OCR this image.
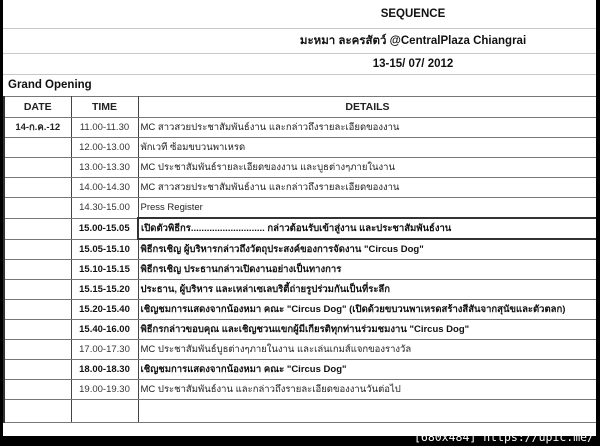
SEQUENCE
มะหมา ละครสัตว์ @CentralPlaza Chiangrai
13-15/ 07/ 2012
Grand Opening
DATE	TIME	DETAILS
14-ก.ค.-12	11.00-11.30	MC สาวสวยประชาสัมพันธ์งาน และกล่าวถึงรายละเอียดของงาน
	12.00-13.00	พักเวที ซ้อมขบวนพาเหรด
	13.00-13.30	MC ประชาสัมพันธ์รายละเอียดของงาน และบูธต่างๆภายในงาน
	14.00-14.30	MC สาวสวยประชาสัมพันธ์งาน และกล่าวถึงรายละเอียดของงาน
	14.30-15.00	Press Register
	15.00-15.05	เปิดตัวพิธีกร............................ กล่าวต้อนรับเข้าสู่งาน และประชาสัมพันธ์งาน
	15.05-15.10	พิธีกรเชิญ ผู้บริหารกล่าวถึงวัตถุประสงค์ของการจัดงาน "Circus Dog"
	15.10-15.15	พิธีกรเชิญ ประธานกล่าวเปิดงานอย่างเป็นทางการ
	15.15-15.20	ประธาน, ผู้บริหาร และเหล่าเซเลบริตี้ถ่ายรูปร่วมกันเป็นที่ระลึก
	15.20-15.40	เชิญชมการแสดงจากน้องหมา คณะ "Circus Dog" (เปิดด้วยขบวนพาเหรดสร้างสีสันจากสุนัขและตัวตลก)
	15.40-16.00	พิธีกรกล่าวขอบคุณ และเชิญชวนแขกผู้มีเกียรติทุกท่านร่วมชมงาน "Circus Dog"
	17.00-17.30	MC ประชาสัมพันธ์บูธต่างๆภายในงาน และเล่นเกมส์แจกของรางวัล
	18.00-18.30	เชิญชมการแสดงจากน้องหมา คณะ "Circus Dog"
	19.00-19.30	MC ประชาสัมพันธ์งาน และกล่าวถึงรายละเอียดของงานวันต่อไป

[680x484] https://upic.me/
